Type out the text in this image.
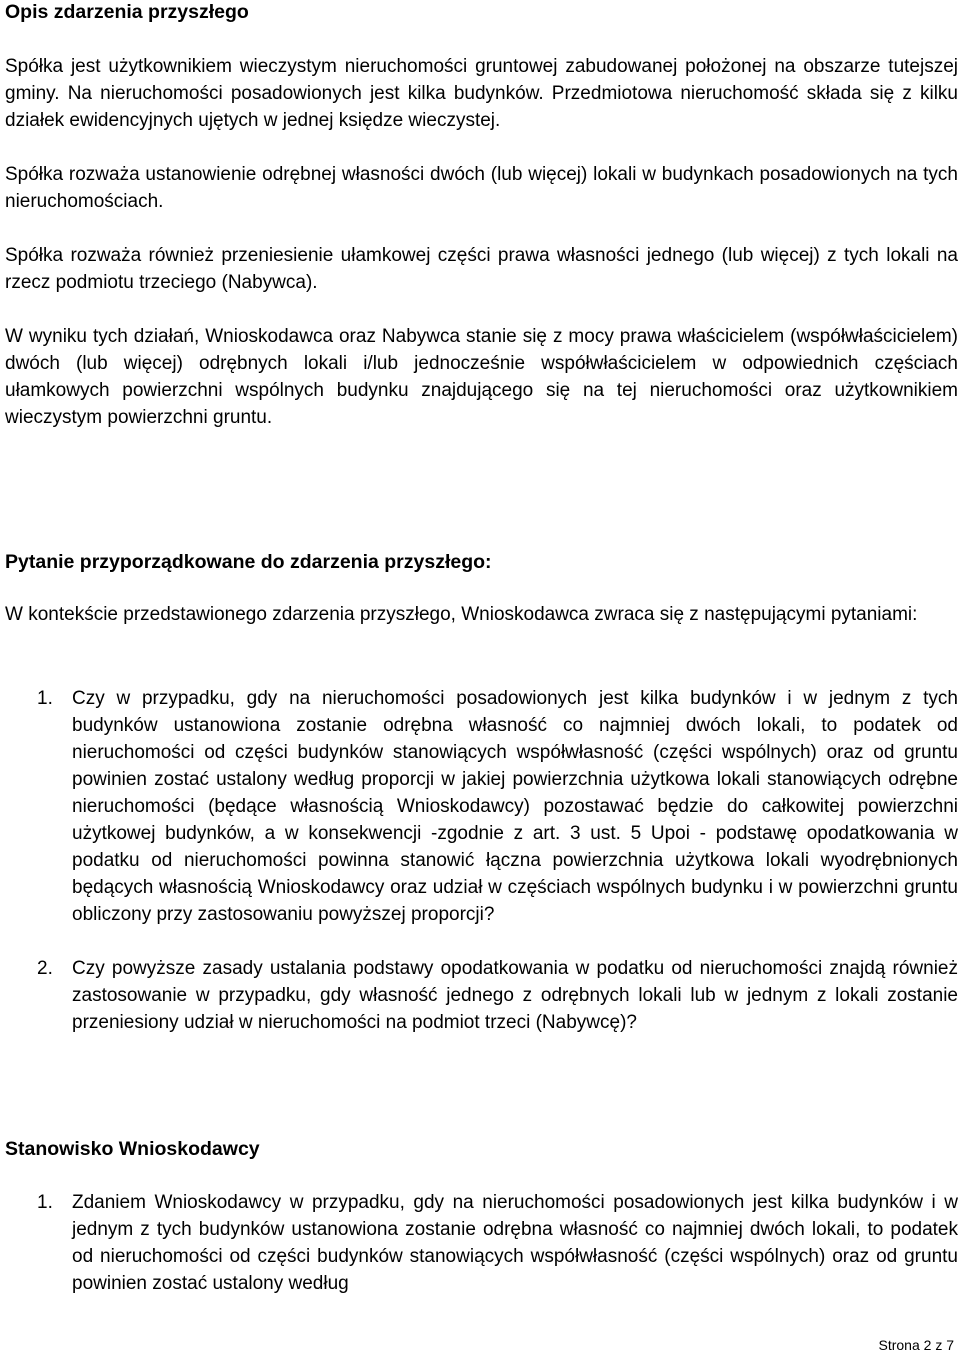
Opis zdarzenia przyszłego

Spółka jest użytkownikiem wieczystym nieruchomości gruntowej zabudowanej położonej na obszarze tutejszej gminy. Na nieruchomości posadowionych jest kilka budynków. Przedmiotowa nieruchomość składa się z kilku działek ewidencyjnych ujętych w jednej księdze wieczystej.

Spółka rozważa ustanowienie odrębnej własności dwóch (lub więcej) lokali w budynkach posadowionych na tych nieruchomościach.

Spółka rozważa również przeniesienie ułamkowej części prawa własności jednego (lub więcej) z tych lokali na rzecz podmiotu trzeciego (Nabywca).

W wyniku tych działań, Wnioskodawca oraz Nabywca stanie się z mocy prawa właścicielem (współwłaścicielem) dwóch (lub więcej) odrębnych lokali i/lub jednocześnie współwłaścicielem w odpowiednich częściach ułamkowych powierzchni wspólnych budynku znajdującego się na tej nieruchomości oraz użytkownikiem wieczystym powierzchni gruntu.

Pytanie przyporządkowane do zdarzenia przyszłego:

W kontekście przedstawionego zdarzenia przyszłego, Wnioskodawca zwraca się z następującymi pytaniami:

1. Czy w przypadku, gdy na nieruchomości posadowionych jest kilka budynków i w jednym z tych budynków ustanowiona zostanie odrębna własność co najmniej dwóch lokali, to podatek od nieruchomości od części budynków stanowiących współwłasność (części wspólnych) oraz od gruntu powinien zostać ustalony według proporcji w jakiej powierzchnia użytkowa lokali stanowiących odrębne nieruchomości (będące własnością Wnioskodawcy) pozostawać będzie do całkowitej powierzchni użytkowej budynków, a w konsekwencji -zgodnie z art. 3 ust. 5 Upoi - podstawę opodatkowania w podatku od nieruchomości powinna stanowić łączna powierzchnia użytkowa lokali wyodrębnionych będących własnością Wnioskodawcy oraz udział w częściach wspólnych budynku i w powierzchni gruntu obliczony przy zastosowaniu powyższej proporcji?

2. Czy powyższe zasady ustalania podstawy opodatkowania w podatku od nieruchomości znajdą również zastosowanie w przypadku, gdy własność jednego z odrębnych lokali lub w jednym z lokali zostanie przeniesiony udział w nieruchomości na podmiot trzeci (Nabywcę)?

Stanowisko Wnioskodawcy

1. Zdaniem Wnioskodawcy w przypadku, gdy na nieruchomości posadowionych jest kilka budynków i w jednym z tych budynków ustanowiona zostanie odrębna własność co najmniej dwóch lokali, to podatek od nieruchomości od części budynków stanowiących współwłasność (części wspólnych) oraz od gruntu powinien zostać ustalony według

Strona 2 z 7
